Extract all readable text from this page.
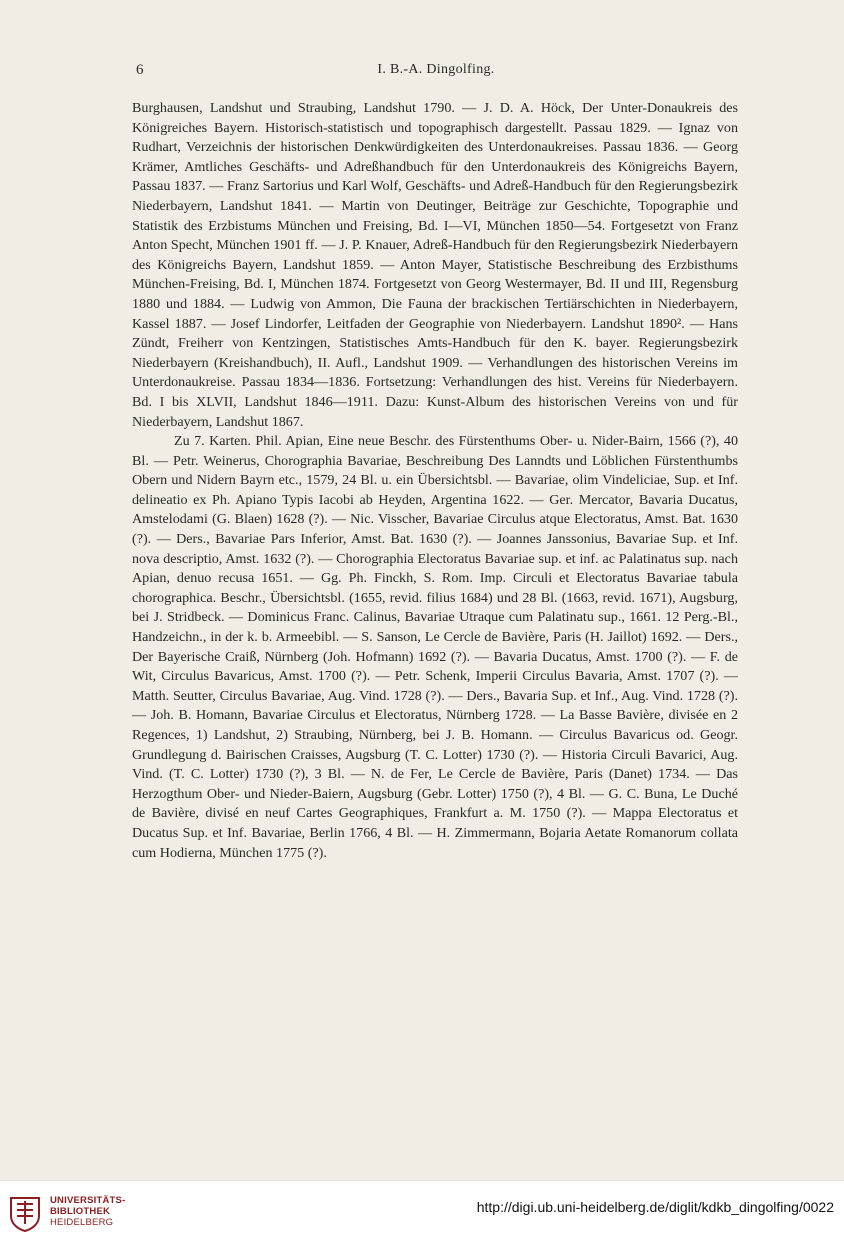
6	I. B.-A. Dingolfing.

Burghausen, Landshut und Straubing, Landshut 1790. — J. D. A. Höck, Der Unter-Donaukreis des Königreiches Bayern. Historisch-statistisch und topographisch dargestellt. Passau 1829. — Ignaz von Rudhart, Verzeichnis der historischen Denkwürdigkeiten des Unterdonaukreises. Passau 1836. — Georg Krämer, Amtliches Geschäfts- und Adreßhandbuch für den Unterdonaukreis des Königreichs Bayern, Passau 1837. — Franz Sartorius und Karl Wolf, Geschäfts- und Adreß-Handbuch für den Regierungsbezirk Niederbayern, Landshut 1841. — Martin von Deutinger, Beiträge zur Geschichte, Topographie und Statistik des Erzbistums München und Freising, Bd. I—VI, München 1850—54. Fortgesetzt von Franz Anton Specht, München 1901 ff. — J. P. Knauer, Adreß-Handbuch für den Regierungsbezirk Niederbayern des Königreichs Bayern, Landshut 1859. — Anton Mayer, Statistische Beschreibung des Erzbisthums München-Freising, Bd. I, München 1874. Fortgesetzt von Georg Westermayer, Bd. II und III, Regensburg 1880 und 1884. — Ludwig von Ammon, Die Fauna der brackischen Tertiärschichten in Niederbayern, Kassel 1887. — Josef Lindorfer, Leitfaden der Geographie von Niederbayern. Landshut 1890². — Hans Zündt, Freiherr von Kentzingen, Statistisches Amts-Handbuch für den K. bayer. Regierungsbezirk Niederbayern (Kreishandbuch), II. Aufl., Landshut 1909. — Verhandlungen des historischen Vereins im Unterdonaukreise. Passau 1834—1836. Fortsetzung: Verhandlungen des hist. Vereins für Niederbayern. Bd. I bis XLVII, Landshut 1846—1911. Dazu: Kunst-Album des historischen Vereins von und für Niederbayern, Landshut 1867.

Zu 7. Karten. Phil. Apian, Eine neue Beschr. des Fürstenthums Ober- u. Nider-Bairn, 1566 (?), 40 Bl. — Petr. Weinerus, Chorographia Bavariae, Beschreibung Des Lanndts und Löblichen Fürstenthumbs Obern und Nidern Bayrn etc., 1579, 24 Bl. u. ein Übersichtsbl. — Bavariae, olim Vindeliciae, Sup. et Inf. delineatio ex Ph. Apiano Typis Iacobi ab Heyden, Argentina 1622. — Ger. Mercator, Bavaria Ducatus, Amstelodami (G. Blaen) 1628 (?). — Nic. Visscher, Bavariae Circulus atque Electoratus, Amst. Bat. 1630 (?). — Ders., Bavariae Pars Inferior, Amst. Bat. 1630 (?). — Joannes Janssonius, Bavariae Sup. et Inf. nova descriptio, Amst. 1632 (?). — Chorographia Electoratus Bavariae sup. et inf. ac Palatinatus sup. nach Apian, denuo recusa 1651. — Gg. Ph. Finckh, S. Rom. Imp. Circuli et Electoratus Bavariae tabula chorographica. Beschr., Übersichtsbl. (1655, revid. filius 1684) und 28 Bl. (1663, revid. 1671), Augsburg, bei J. Stridbeck. — Dominicus Franc. Calinus, Bavariae Utraque cum Palatinatu sup., 1661. 12 Perg.-Bl., Handzeichn., in der k. b. Armeebibl. — S. Sanson, Le Cercle de Bavière, Paris (H. Jaillot) 1692. — Ders., Der Bayerische Craiß, Nürnberg (Joh. Hofmann) 1692 (?). — Bavaria Ducatus, Amst. 1700 (?). — F. de Wit, Circulus Bavaricus, Amst. 1700 (?). — Petr. Schenk, Imperii Circulus Bavaria, Amst. 1707 (?). — Matth. Seutter, Circulus Bavariae, Aug. Vind. 1728 (?). — Ders., Bavaria Sup. et Inf., Aug. Vind. 1728 (?). — Joh. B. Homann, Bavariae Circulus et Electoratus, Nürnberg 1728. — La Basse Bavière, divisée en 2 Regences, 1) Landshut, 2) Straubing, Nürnberg, bei J. B. Homann. — Circulus Bavaricus od. Geogr. Grundlegung d. Bairischen Craisses, Augsburg (T. C. Lotter) 1730 (?). — Historia Circuli Bavarici, Aug. Vind. (T. C. Lotter) 1730 (?), 3 Bl. — N. de Fer, Le Cercle de Bavière, Paris (Danet) 1734. — Das Herzogthum Ober- und Nieder-Baiern, Augsburg (Gebr. Lotter) 1750 (?), 4 Bl. — G. C. Buna, Le Duché de Bavière, divisé en neuf Cartes Geographiques, Frankfurt a. M. 1750 (?). — Mappa Electoratus et Ducatus Sup. et Inf. Bavariae, Berlin 1766, 4 Bl. — H. Zimmermann, Bojaria Aetate Romanorum collata cum Hodierna, München 1775 (?).

UNIVERSITÄTS-
BIBLIOTHEK
HEIDELBERG
http://digi.ub.uni-heidelberg.de/diglit/kdkb_dingolfing/0022
